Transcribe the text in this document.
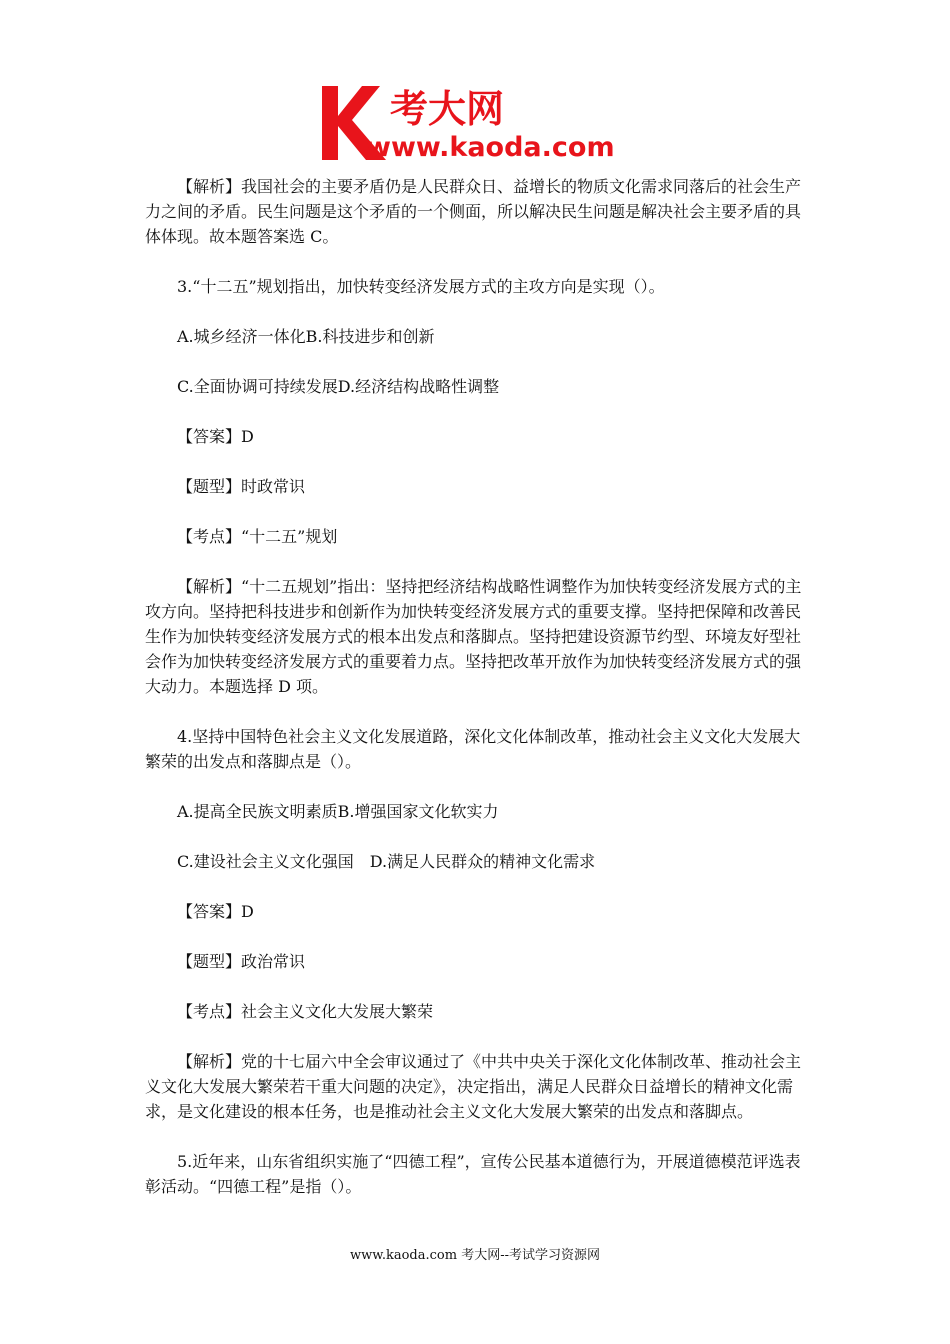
考大网
www.kaoda.com

【解析】我国社会的主要矛盾仍是人民群众日、益增长的物质文化需求同落后的社会生产力之间的矛盾。民生问题是这个矛盾的一个侧面，所以解决民生问题是解决社会主要矛盾的具体体现。故本题答案选 C。

3.“十二五”规划指出，加快转变经济发展方式的主攻方向是实现（）。

A.城乡经济一体化B.科技进步和创新

C.全面协调可持续发展D.经济结构战略性调整

【答案】D

【题型】时政常识

【考点】“十二五”规划

【解析】“十二五规划”指出：坚持把经济结构战略性调整作为加快转变经济发展方式的主攻方向。坚持把科技进步和创新作为加快转变经济发展方式的重要支撑。坚持把保障和改善民生作为加快转变经济发展方式的根本出发点和落脚点。坚持把建设资源节约型、环境友好型社会作为加快转变经济发展方式的重要着力点。坚持把改革开放作为加快转变经济发展方式的强大动力。本题选择 D 项。

4.坚持中国特色社会主义文化发展道路，深化文化体制改革，推动社会主义文化大发展大繁荣的出发点和落脚点是（）。

A.提高全民族文明素质B.增强国家文化软实力

C.建设社会主义文化强国　D.满足人民群众的精神文化需求

【答案】D

【题型】政治常识

【考点】社会主义文化大发展大繁荣

【解析】党的十七届六中全会审议通过了《中共中央关于深化文化体制改革、推动社会主义文化大发展大繁荣若干重大问题的决定》，决定指出，满足人民群众日益增长的精神文化需求，是文化建设的根本任务，也是推动社会主义文化大发展大繁荣的出发点和落脚点。

5.近年来，山东省组织实施了“四德工程”，宣传公民基本道德行为，开展道德模范评选表彰活动。“四德工程”是指（）。

www.kaoda.com 考大网--考试学习资源网
